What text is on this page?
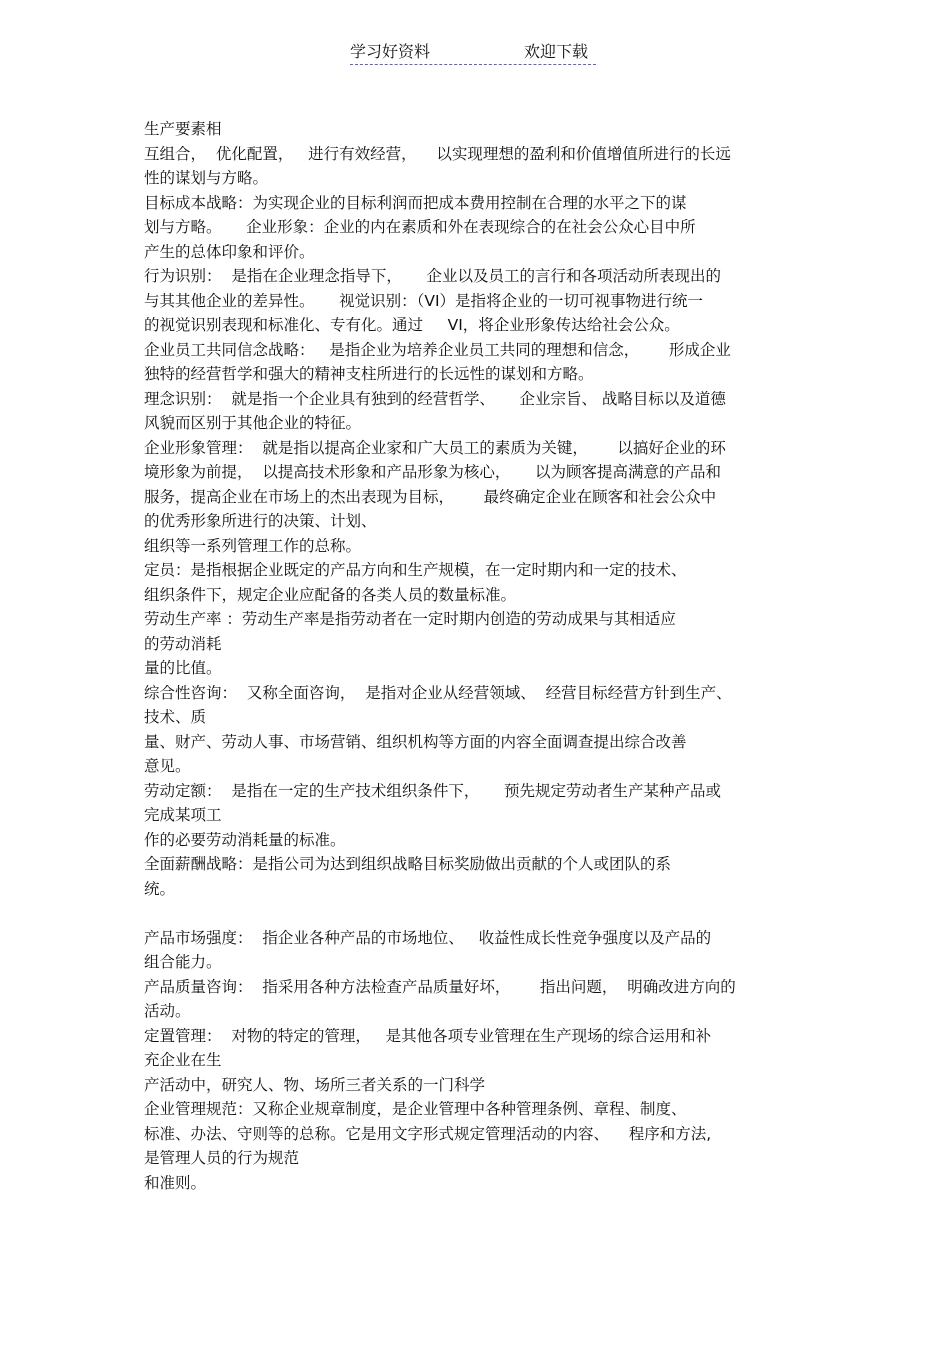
学习好资料	欢迎下载
生产要素相
互组合，  优化配置，   进行有效经营，    以实现理想的盈利和价值增值所进行的长远
性的谋划与方略。
目标成本战略：为实现企业的目标利润而把成本费用控制在合理的水平之下的谋
划与方略。     企业形象：企业的内在素质和外在表现综合的在社会公众心目中所
产生的总体印象和评价。
行为识别：  是指在企业理念指导下，     企业以及员工的言行和各项活动所表现出的
与其其他企业的差异性。     视觉识别：（VI）是指将企业的一切可视事物进行统一
的视觉识别表现和标准化、专有化。通过     VI，将企业形象传达给社会公众。
企业员工共同信念战略：   是指企业为培养企业员工共同的理想和信念，      形成企业
独特的经营哲学和强大的精神支柱所进行的长远性的谋划和方略。
理念识别：  就是指一个企业具有独到的经营哲学、     企业宗旨、 战略目标以及道德
风貌而区别于其他企业的特征。
企业形象管理：  就是指以提高企业家和广大员工的素质为关键，      以搞好企业的环
境形象为前提，  以提高技术形象和产品形象为核心，     以为顾客提高满意的产品和
服务，提高企业在市场上的杰出表现为目标，      最终确定企业在顾客和社会公众中
的优秀形象所进行的决策、计划、
组织等一系列管理工作的总称。
定员：是指根据企业既定的产品方向和生产规模，在一定时期内和一定的技术、
组织条件下，规定企业应配备的各类人员的数量标准。
劳动生产率 ：劳动生产率是指劳动者在一定时期内创造的劳动成果与其相适应
的劳动消耗
量的比值。
综合性咨询：  又称全面咨询，  是指对企业从经营领域、  经营目标经营方针到生产、
技术、质
量、财产、劳动人事、市场营销、组织机构等方面的内容全面调查提出综合改善
意见。
劳动定额：  是指在一定的生产技术组织条件下，     预先规定劳动者生产某种产品或
完成某项工
作的必要劳动消耗量的标准。
全面薪酬战略：是指公司为达到组织战略目标奖励做出贡献的个人或团队的系
统。
产品市场强度：  指企业各种产品的市场地位、   收益性成长性竞争强度以及产品的
组合能力。
产品质量咨询：  指采用各种方法检查产品质量好坏，      指出问题，  明确改进方向的
活动。
定置管理：  对物的特定的管理，   是其他各项专业管理在生产现场的综合运用和补
充企业在生
产活动中，研究人、物、场所三者关系的一门科学
企业管理规范：又称企业规章制度，是企业管理中各种管理条例、章程、制度、
标准、办法、守则等的总称。它是用文字形式规定管理活动的内容、    程序和方法,
是管理人员的行为规范
和准则。
